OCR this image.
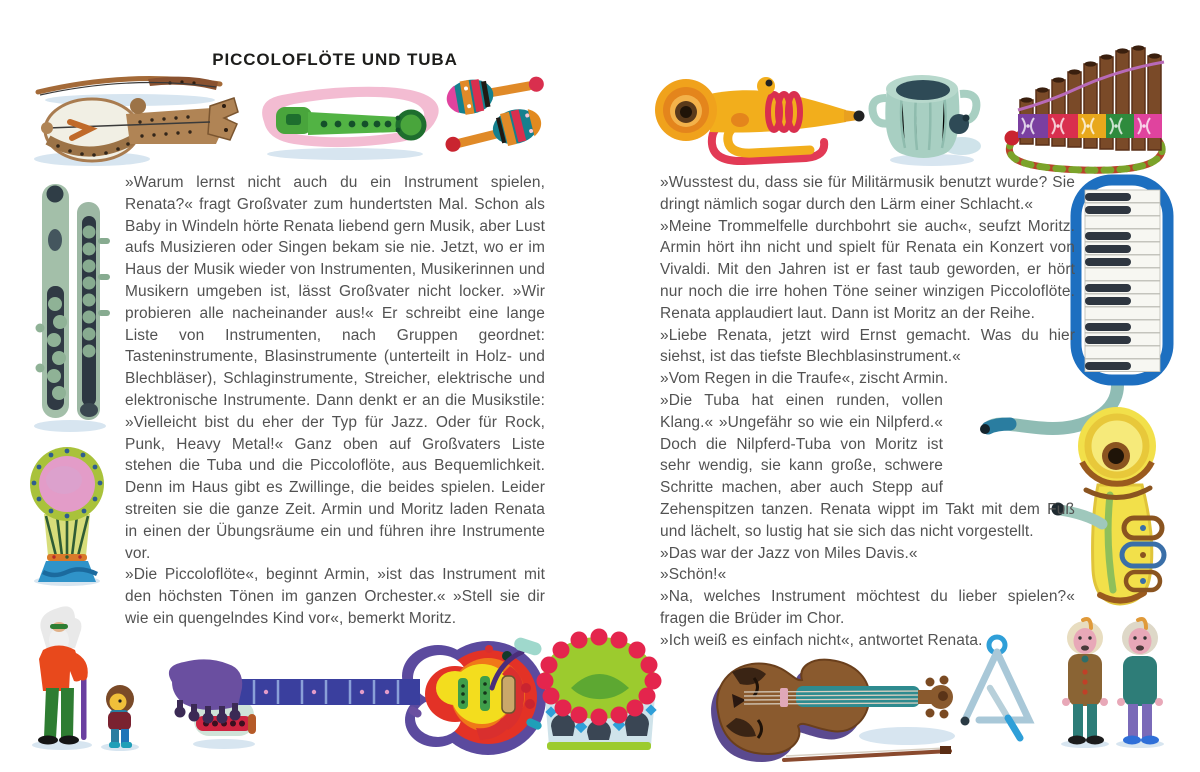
PICCOLOFLÖTE UND TUBA

»Warum lernst nicht auch du ein Instrument spielen, Renata?« fragt Großvater zum hundertsten Mal. Schon als Baby in Windeln hörte Renata liebend gern Musik, aber Lust aufs Musizieren oder Singen bekam sie nie. Jetzt, wo er im Haus der Musik wieder von Instrumenten, Musikerinnen und Musikern umgeben ist, lässt Großvater nicht locker. »Wir probieren alle nacheinander aus!« Er schreibt eine lange Liste von Instrumenten, nach Gruppen geordnet: Tasteninstrumente, Blasinstrumente (unterteilt in Holz- und Blechbläser), Schlaginstrumente, Streicher, elektrische und elektronische Instrumente. Dann denkt er an die Musikstile: »Vielleicht bist du eher der Typ für Jazz. Oder für Rock, Punk, Heavy Metal!« Ganz oben auf Großvaters Liste stehen die Tuba und die Piccoloflöte, aus Bequemlichkeit. Denn im Haus gibt es Zwillinge, die beides spielen. Leider streiten sie die ganze Zeit. Armin und Moritz laden Renata in einen der Übungsräume ein und führen ihre Instrumente vor.

»Die Piccoloflöte«, beginnt Armin, »ist das Instrument mit den höchsten Tönen im ganzen Orchester.« »Stell sie dir wie ein quengelndes Kind vor«, bemerkt Moritz.

»Wusstest du, dass sie für Militärmusik benutzt wurde? Sie dringt nämlich sogar durch den Lärm einer Schlacht.«

»Meine Trommelfelle durchbohrt sie auch«, seufzt Moritz. Armin hört ihn nicht und spielt für Renata ein Konzert von Vivaldi. Mit den Jahren ist er fast taub geworden, er hört nur noch die irre hohen Töne seiner winzigen Piccoloflöte. Renata applaudiert laut. Dann ist Moritz an der Reihe.

»Liebe Renata, jetzt wird Ernst gemacht. Was du hier siehst, ist das tiefste Blechblasinstrument.«

»Vom Regen in die Traufe«, zischt Armin.

»Die Tuba hat einen runden, vollen Klang.« »Ungefähr so wie ein Nilpferd.« Doch die Nilpferd-Tuba von Moritz ist sehr wendig, sie kann große, schwere Schritte machen, aber auch Stepp auf Zehenspitzen tanzen. Renata wippt im Takt mit dem Fuß und lächelt, so lustig hat sie sich das nicht vorgestellt.

»Das war der Jazz von Miles Davis.«

»Schön!«

»Na, welches Instrument möchtest du lieber spielen?« fragen die Brüder im Chor.

»Ich weiß es einfach nicht«, antwortet Renata.
